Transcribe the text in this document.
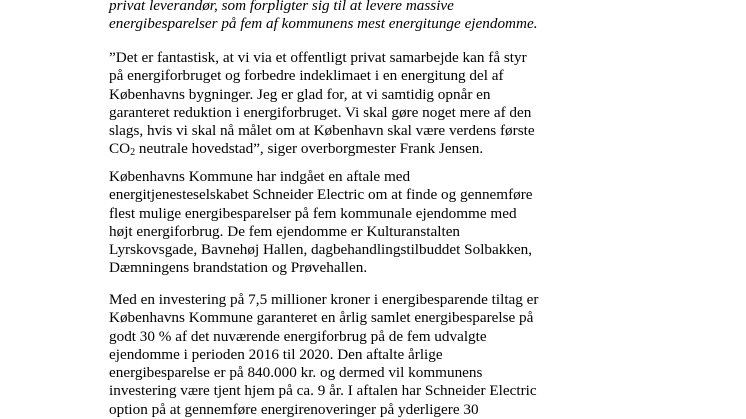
privat leverandør, som forpligter sig til at levere massive
energibesparelser på fem af kommunens mest energitunge ejendomme.
”Det er fantastisk, at vi via et offentligt privat samarbejde kan få styr
på energiforbruget og forbedre indeklimaet i en energitung del af
Københavns bygninger. Jeg er glad for, at vi samtidig opnår en
garanteret reduktion i energiforbruget. Vi skal gøre noget mere af den
slags, hvis vi skal nå målet om at København skal være verdens første
$CO_2$ neutrale hovedstad”, siger overborgmester Frank Jensen.
Københavns Kommune har indgået en aftale med
energitjenesteselskabet Schneider Electric om at finde og gennemføre
flest mulige energibesparelser på fem kommunale ejendomme med
højt energiforbrug. De fem ejendomme er Kulturanstalten
Lyrskovsgade, Bavnehøj Hallen, dagbehandlingstilbuddet Solbakken,
Dæmningens brandstation og Prøvehallen.
Med en investering på 7,5 millioner kroner i energibesparende tiltag er
Københavns Kommune garanteret en årlig samlet energibesparelse på
godt 30 % af det nuværende energiforbrug på de fem udvalgte
ejendomme i perioden 2016 til 2020. Den aftalte årlige
energibesparelse er på 840.000 kr. og dermed vil kommunens
investering være tjent hjem på ca. 9 år. I aftalen har Schneider Electric
option på at gennemføre energirenoveringer på yderligere 30
